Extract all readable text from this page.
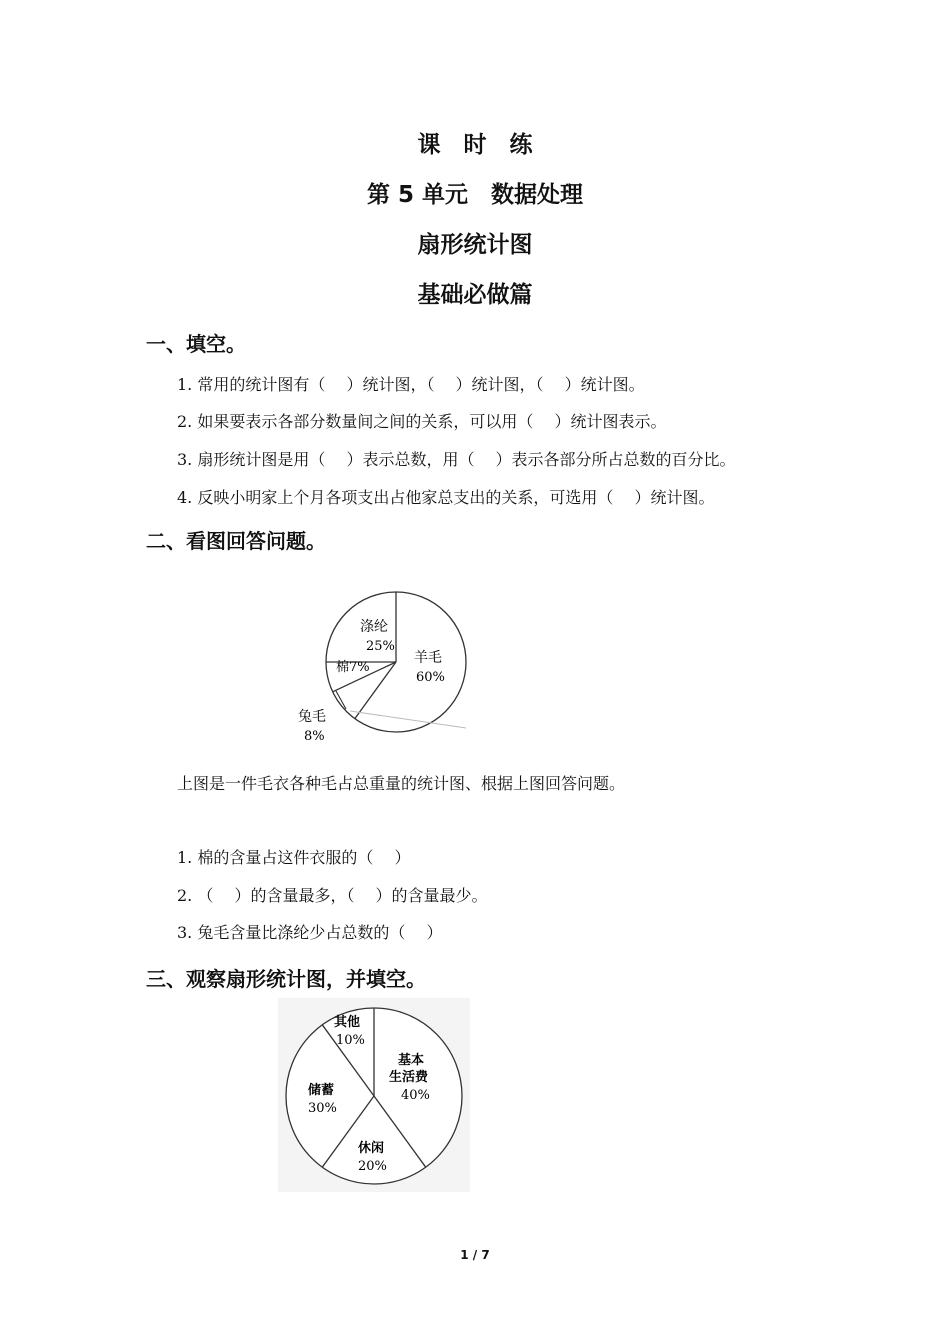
课　时　练
第 5 单元　数据处理
扇形统计图
基础必做篇
一、填空。
1. 常用的统计图有（　 ）统计图，（　 ）统计图，（　 ）统计图。
2. 如果要表示各部分数量间之间的关系，可以用（　 ）统计图表示。
3. 扇形统计图是用（　 ）表示总数，用（　 ）表示各部分所占总数的百分比。
4. 反映小明家上个月各项支出占他家总支出的关系，可选用（　 ）统计图。
二、看图回答问题。
涤纶
25%
棉7%
羊毛
60%
兔毛
8%
上图是一件毛衣各种毛占总重量的统计图、根据上图回答问题。
1. 棉的含量占这件衣服的（　 ）
2. （　 ）的含量最多，（　 ）的含量最少。
3. 兔毛含量比涤纶少占总数的（　 ）
三、观察扇形统计图，并填空。
其他
10%
基本
生活费
40%
储蓄
30%
休闲
20%
1 / 7
